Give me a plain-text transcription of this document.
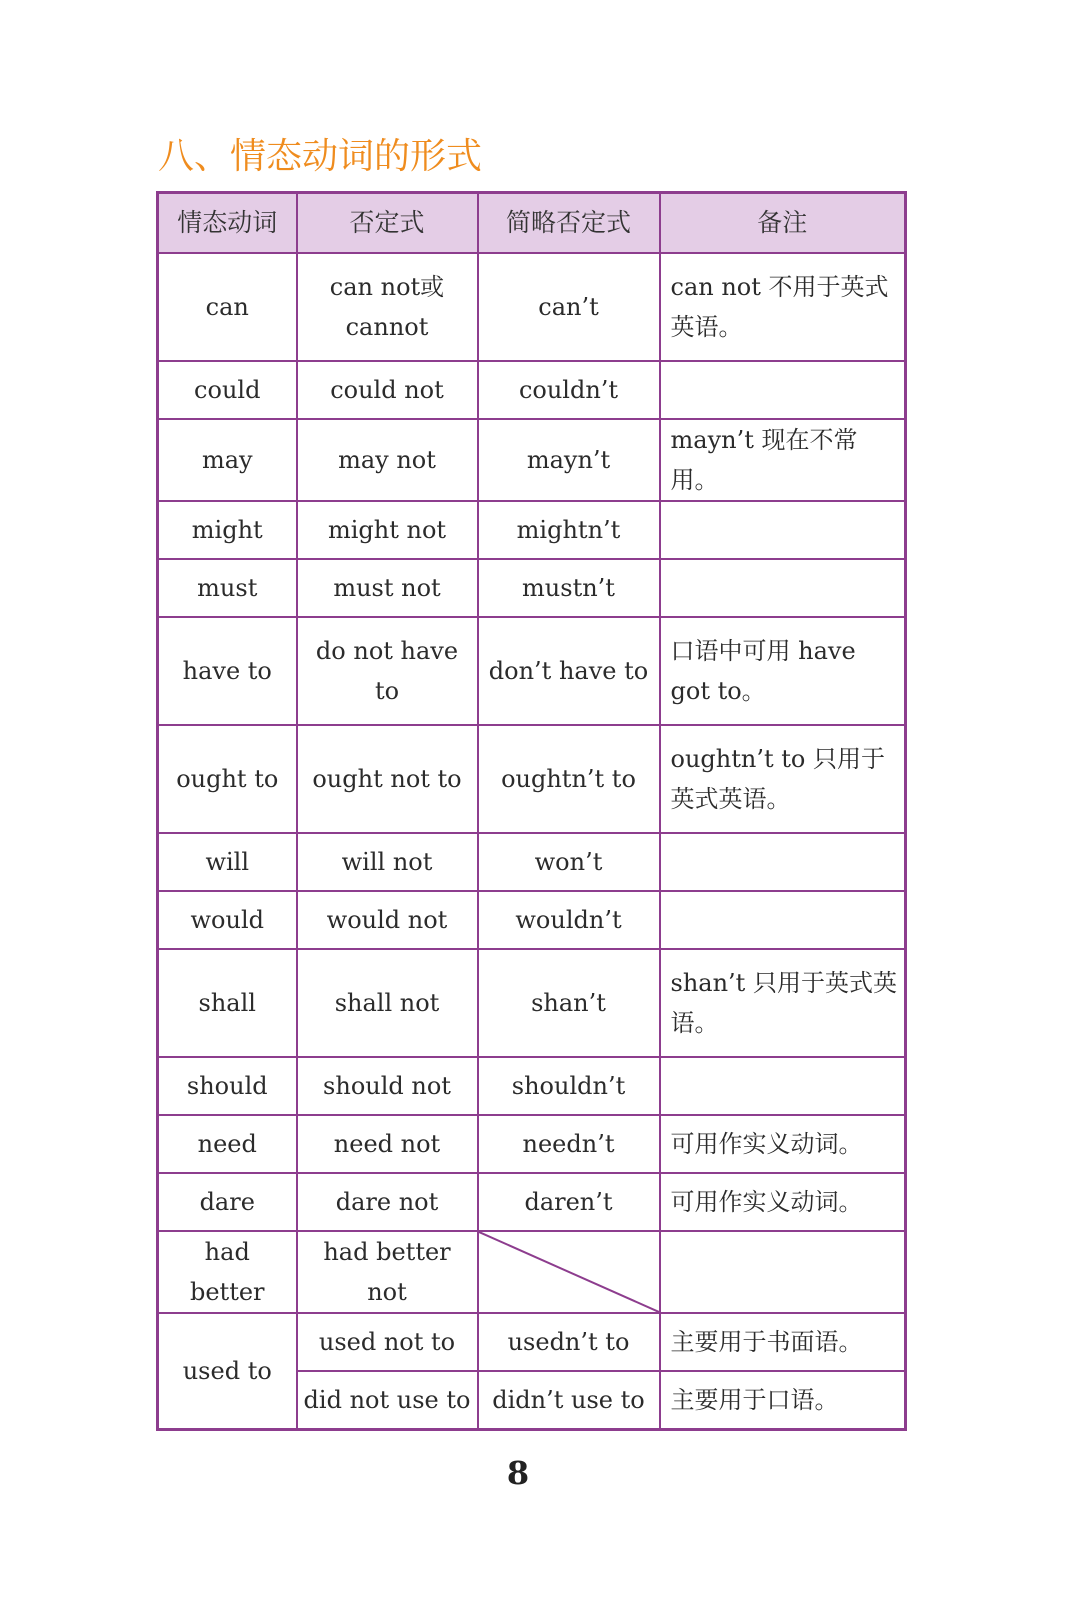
八、情态动词的形式
情态动词	否定式	简略否定式	备注
can	can not或cannot	can’t	can not 不用于英式英语。
could	could not	couldn’t	
may	may not	mayn’t	mayn’t 现在不常用。
might	might not	mightn’t	
must	must not	mustn’t	
have to	do not have to	don’t have to	口语中可用 have got to。
ought to	ought not to	oughtn’t to	oughtn’t to 只用于英式英语。
will	will not	won’t	
would	would not	wouldn’t	
shall	shall not	shan’t	shan’t 只用于英式英语。
should	should not	shouldn’t	
need	need not	needn’t	可用作实义动词。
dare	dare not	daren’t	可用作实义动词。
had better	had better not	

used to	used not to	usedn’t to	主要用于书面语。
	did not use to	didn’t use to	主要用于口语。
8
